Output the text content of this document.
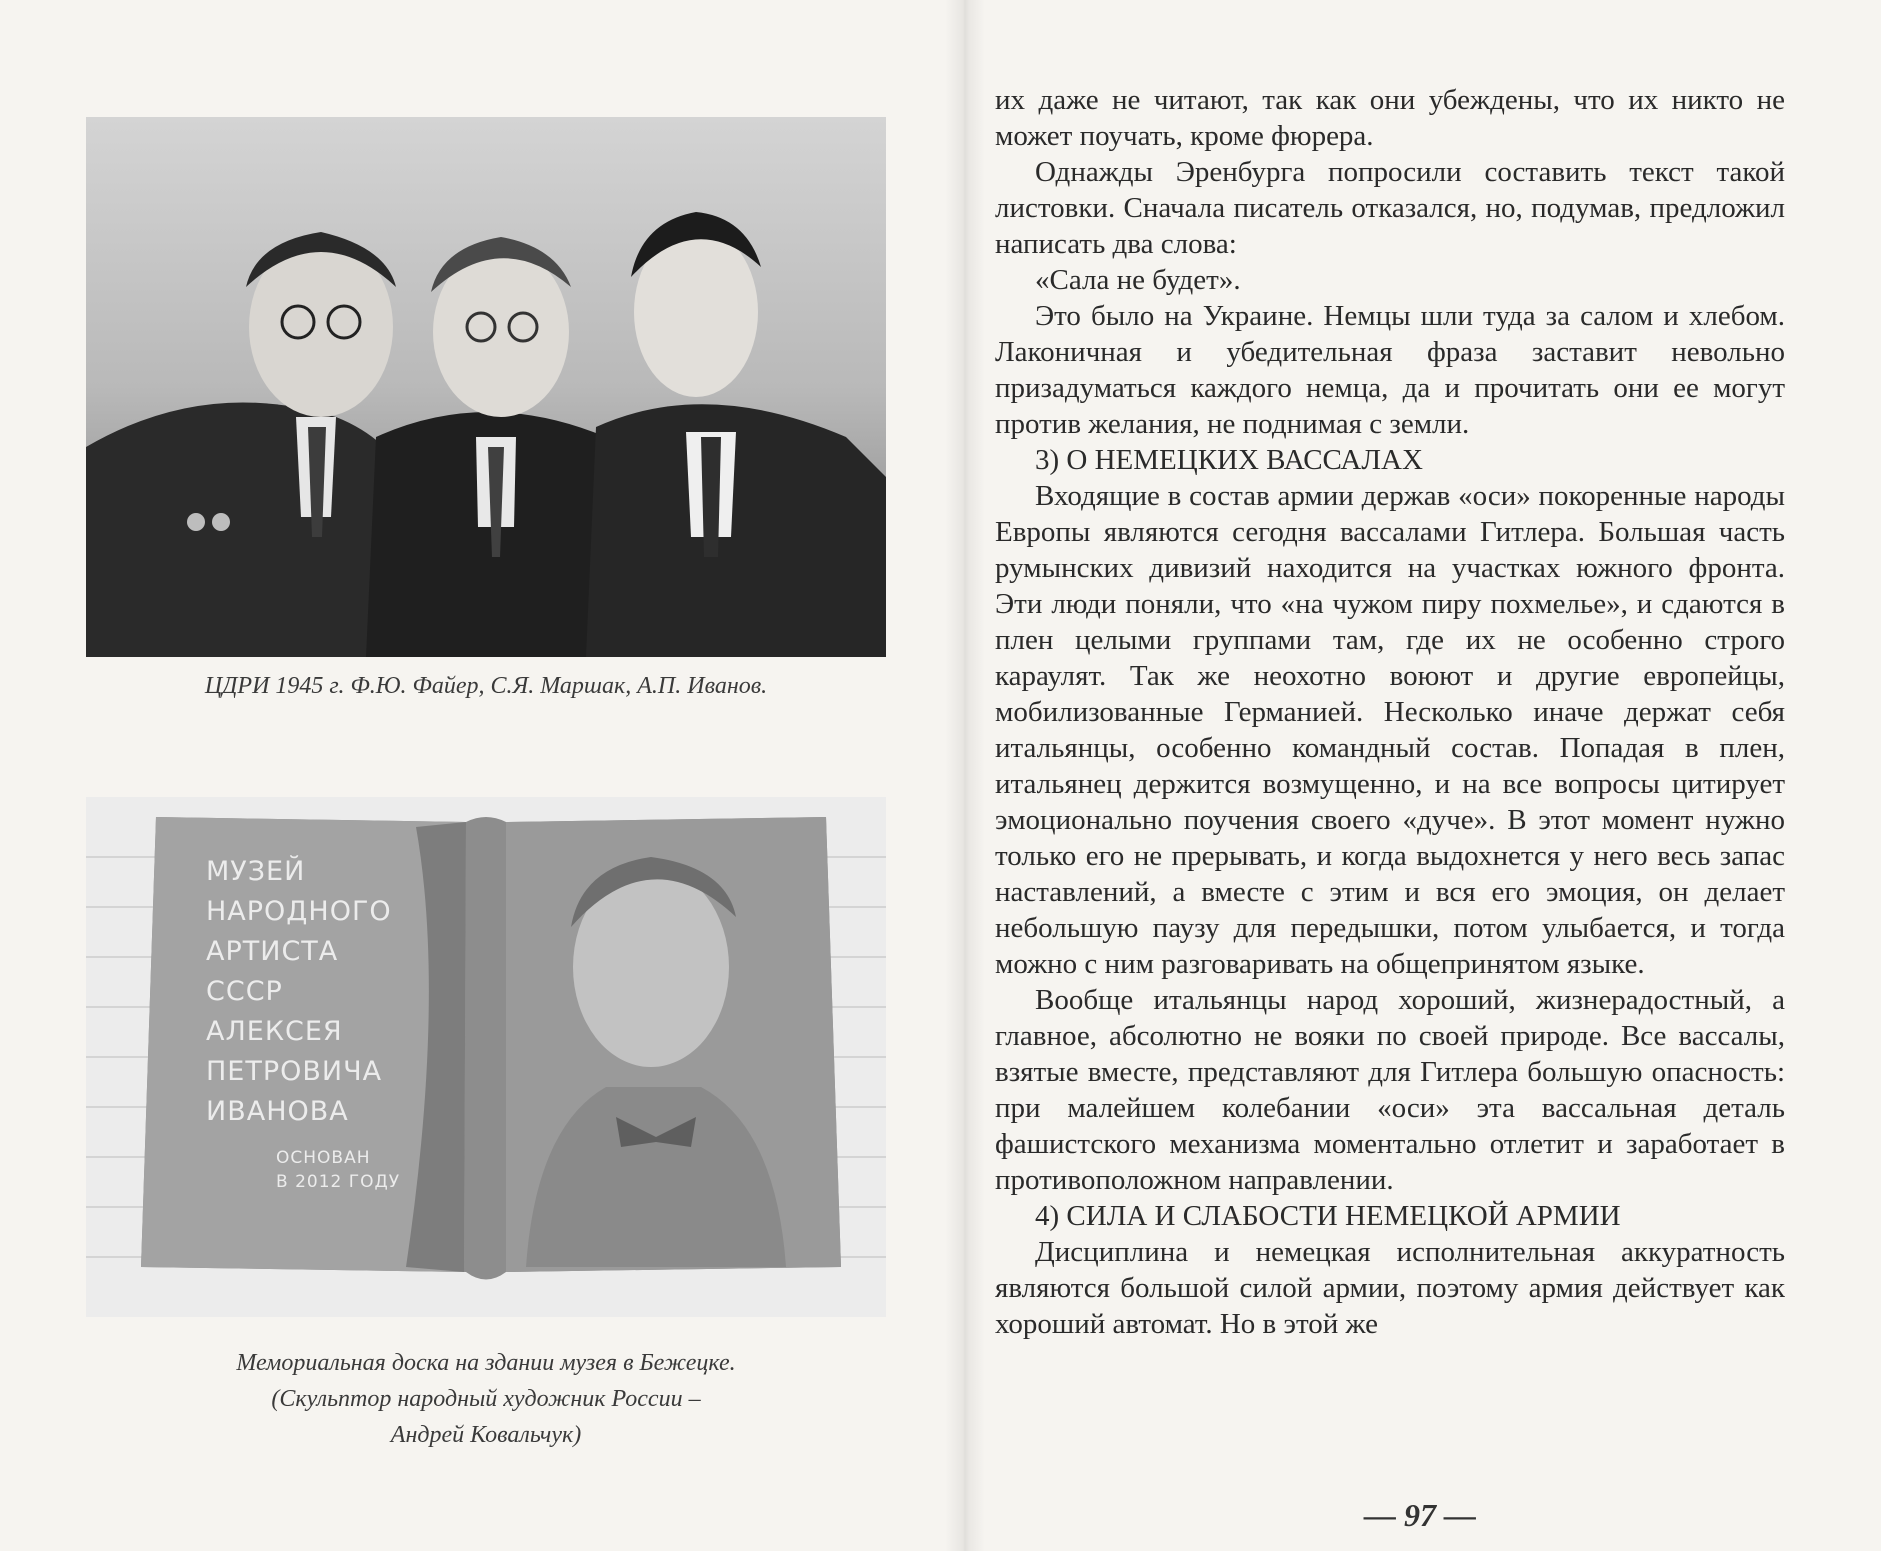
ЦДРИ 1945 г. Ф.Ю. Файер, С.Я. Маршак, А.П. Иванов.
МУЗЕЙ
НАРОДНОГО
АРТИСТА
СССР
АЛЕКСЕЯ
ПЕТРОВИЧА
ИВАНОВА
ОСНОВАН
В 2012 ГОДУ
Мемориальная доска на здании музея в Бежецке.
(Скульптор народный художник России –
Андрей Ковальчук)

их даже не читают, так как они убеждены, что их никто не может поучать, кроме фюрера.

Однажды Эренбурга попросили составить текст такой листовки. Сначала писатель отказался, но, подумав, предложил написать два слова:

«Сала не будет».

Это было на Украине. Немцы шли туда за салом и хлебом. Лаконичная и убедительная фраза заставит невольно призадуматься каждого немца, да и прочитать они ее могут против желания, не поднимая с земли.

3) О НЕМЕЦКИХ ВАССАЛАХ

Входящие в состав армии держав «оси» покоренные народы Европы являются сегодня вассалами Гитлера. Большая часть румынских дивизий находится на участках южного фронта. Эти люди поняли, что «на чужом пиру похмелье», и сдаются в плен целыми группами там, где их не особенно строго караулят. Так же неохотно воюют и другие европейцы, мобилизованные Германией. Несколько иначе держат себя итальянцы, особенно командный состав. Попадая в плен, итальянец держится возмущенно, и на все вопросы цитирует эмоционально поучения своего «дуче». В этот момент нужно только его не прерывать, и когда выдохнется у него весь запас наставлений, а вместе с этим и вся его эмоция, он делает небольшую паузу для передышки, потом улыбается, и тогда можно с ним разговаривать на общепринятом языке.

Вообще итальянцы народ хороший, жизнерадостный, а главное, абсолютно не вояки по своей природе. Все вассалы, взятые вместе, представляют для Гитлера большую опасность: при малейшем колебании «оси» эта вассальная деталь фашистского механизма моментально отлетит и заработает в противоположном направлении.

4) СИЛА И СЛАБОСТИ НЕМЕЦКОЙ АРМИИ

Дисциплина и немецкая исполнительная аккуратность являются большой силой армии, поэтому армия действует как хороший автомат. Но в этой же

— 97 —
